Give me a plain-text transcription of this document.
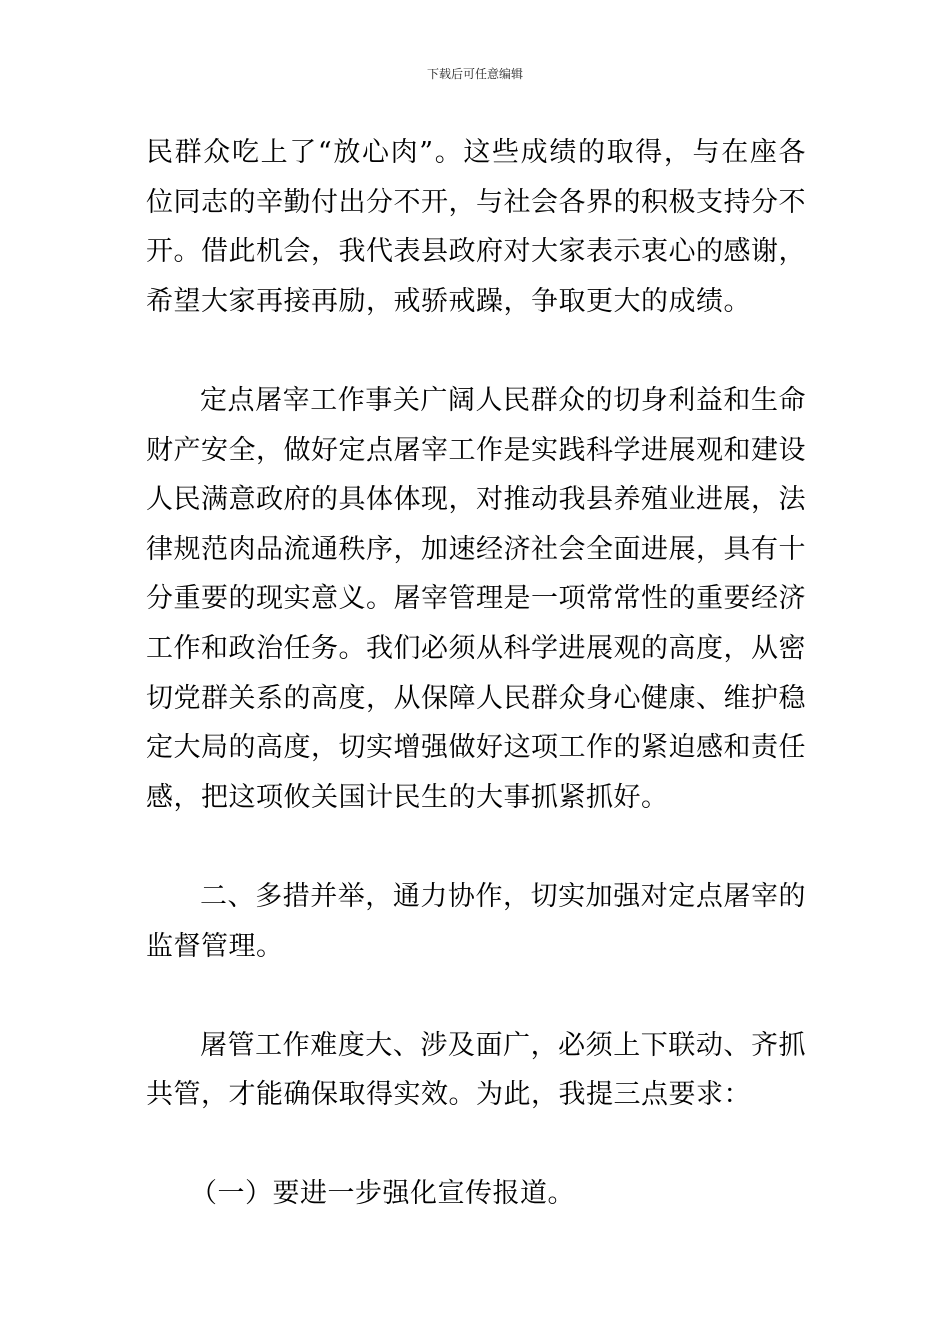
下载后可任意编辑

民群众吃上了“放心肉”。这些成绩的取得，与在座各位同志的辛勤付出分不开，与社会各界的积极支持分不开。借此机会，我代表县政府对大家表示衷心的感谢，希望大家再接再励，戒骄戒躁，争取更大的成绩。

定点屠宰工作事关广阔人民群众的切身利益和生命财产安全，做好定点屠宰工作是实践科学进展观和建设人民满意政府的具体体现，对推动我县养殖业进展，法律规范肉品流通秩序，加速经济社会全面进展，具有十分重要的现实意义。屠宰管理是一项常常性的重要经济工作和政治任务。我们必须从科学进展观的高度，从密切党群关系的高度，从保障人民群众身心健康、维护稳定大局的高度，切实增强做好这项工作的紧迫感和责任感，把这项攸关国计民生的大事抓紧抓好。

二、多措并举，通力协作，切实加强对定点屠宰的监督管理。

屠管工作难度大、涉及面广，必须上下联动、齐抓共管，才能确保取得实效。为此，我提三点要求：

（一）要进一步强化宣传报道。
